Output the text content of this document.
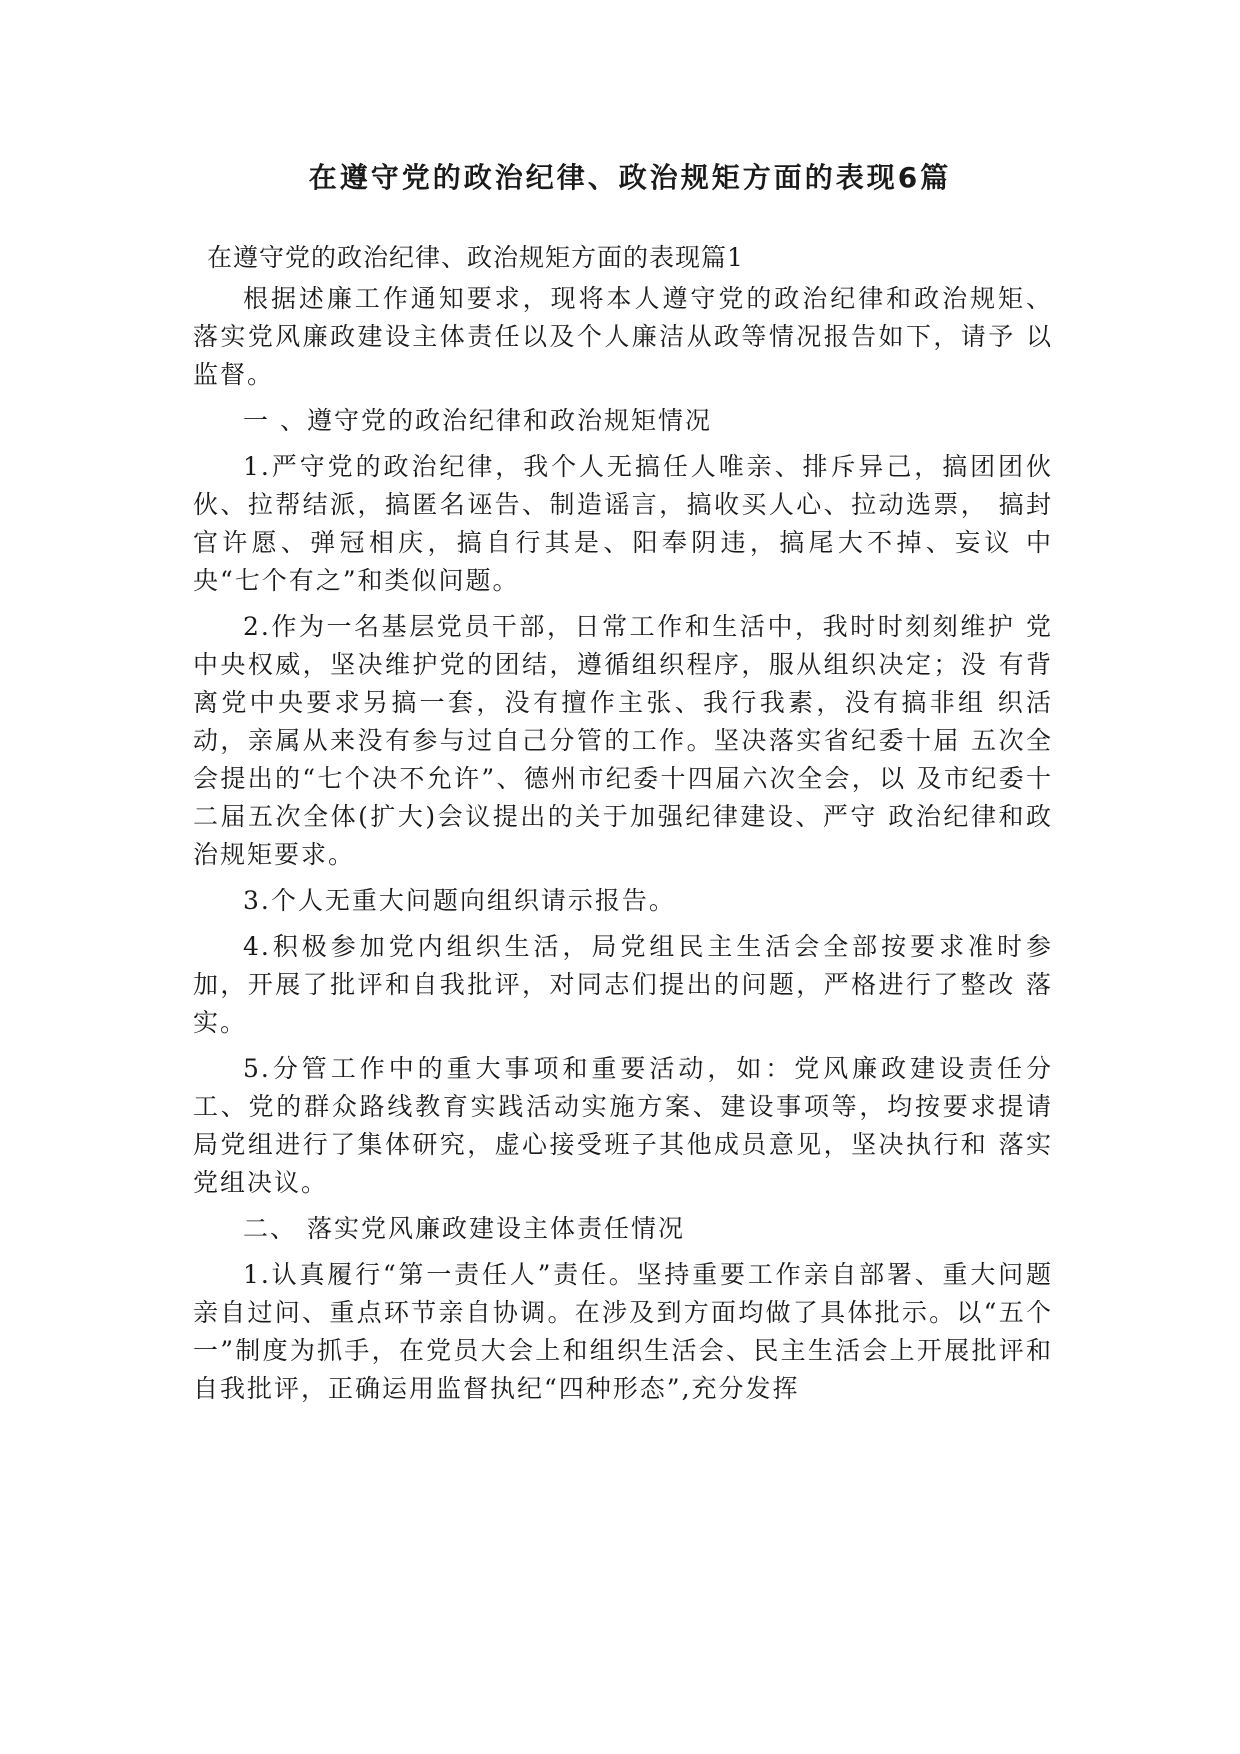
在遵守党的政治纪律、政治规矩方面的表现6篇

在遵守党的政治纪律、政治规矩方面的表现篇1

根据述廉工作通知要求，现将本人遵守党的政治纪律和政治规矩、 落实党风廉政建设主体责任以及个人廉洁从政等情况报告如下，请予 以监督。

一 、遵守党的政治纪律和政治规矩情况

1.严守党的政治纪律，我个人无搞任人唯亲、排斥异己，搞团团伙伙、拉帮结派，搞匿名诬告、制造谣言，搞收买人心、拉动选票， 搞封官许愿、弹冠相庆，搞自行其是、阳奉阴违，搞尾大不掉、妄议 中央“七个有之”和类似问题。

2.作为一名基层党员干部，日常工作和生活中，我时时刻刻维护 党中央权威，坚决维护党的团结，遵循组织程序，服从组织决定；没 有背离党中央要求另搞一套，没有擅作主张、我行我素，没有搞非组 织活动，亲属从来没有参与过自己分管的工作。坚决落实省纪委十届 五次全会提出的“七个决不允许”、德州市纪委十四届六次全会，以 及市纪委十二届五次全体(扩大)会议提出的关于加强纪律建设、严守 政治纪律和政治规矩要求。

3.个人无重大问题向组织请示报告。

4.积极参加党内组织生活，局党组民主生活会全部按要求准时参 加，开展了批评和自我批评，对同志们提出的问题，严格进行了整改 落实。

5.分管工作中的重大事项和重要活动，如：党风廉政建设责任分工、党的群众路线教育实践活动实施方案、建设事项等，均按要求提请局党组进行了集体研究，虚心接受班子其他成员意见，坚决执行和 落实党组决议。

二、 落实党风廉政建设主体责任情况

1.认真履行“第一责任人”责任。坚持重要工作亲自部署、重大问题亲自过问、重点环节亲自协调。在涉及到方面均做了具体批示。以“五个一”制度为抓手，在党员大会上和组织生活会、民主生活会上开展批评和自我批评，正确运用监督执纪“四种形态”,充分发挥
